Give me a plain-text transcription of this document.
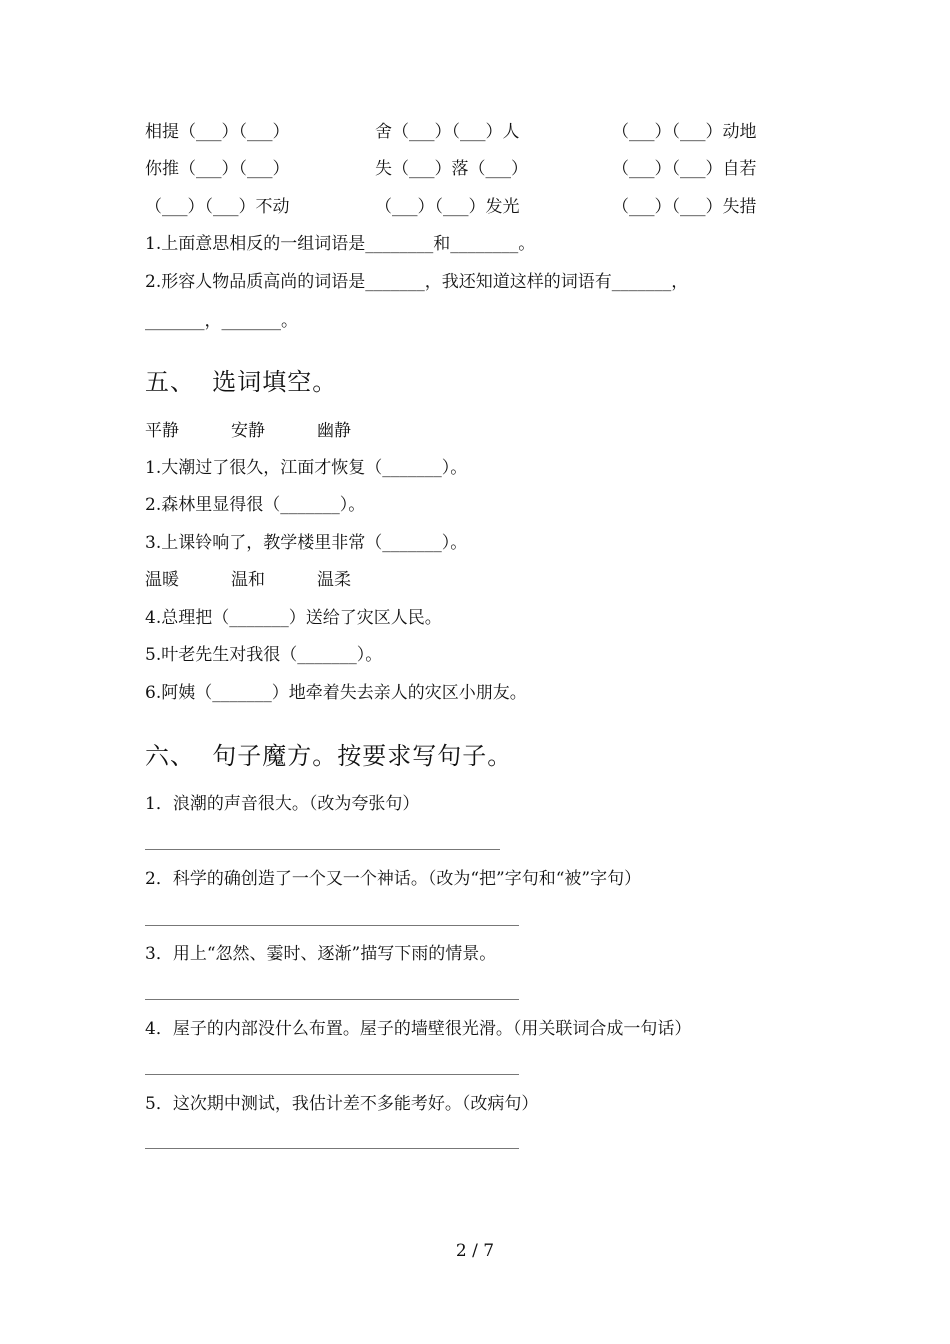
相提（___）（___）	舍（___）（___）人	（___）（___）动地
你推（___）（___）	失（___）落（___）	（___）（___）自若
（___）（___）不动	（___）（___）发光	（___）（___）失措
1.上面意思相反的一组词语是________和________。
2.形容人物品质高尚的词语是_______，我还知道这样的词语有_______，
_______，_______。
五、  选词填空。
平静	安静	幽静
1.大潮过了很久，江面才恢复（_______）。
2.森林里显得很（_______）。
3.上课铃响了，教学楼里非常（_______）。
温暖	温和	温柔
4.总理把（_______）送给了灾区人民。
5.叶老先生对我很（_______）。
6.阿姨（_______）地牵着失去亲人的灾区小朋友。
六、  句子魔方。按要求写句子。
1．浪潮的声音很大。（改为夸张句）
2．科学的确创造了一个又一个神话。（改为“把”字句和“被”字句）
3．用上“忽然、霎时、逐渐”描写下雨的情景。
4．屋子的内部没什么布置。屋子的墙壁很光滑。（用关联词合成一句话）
5．这次期中测试，我估计差不多能考好。（改病句）
2 / 7
